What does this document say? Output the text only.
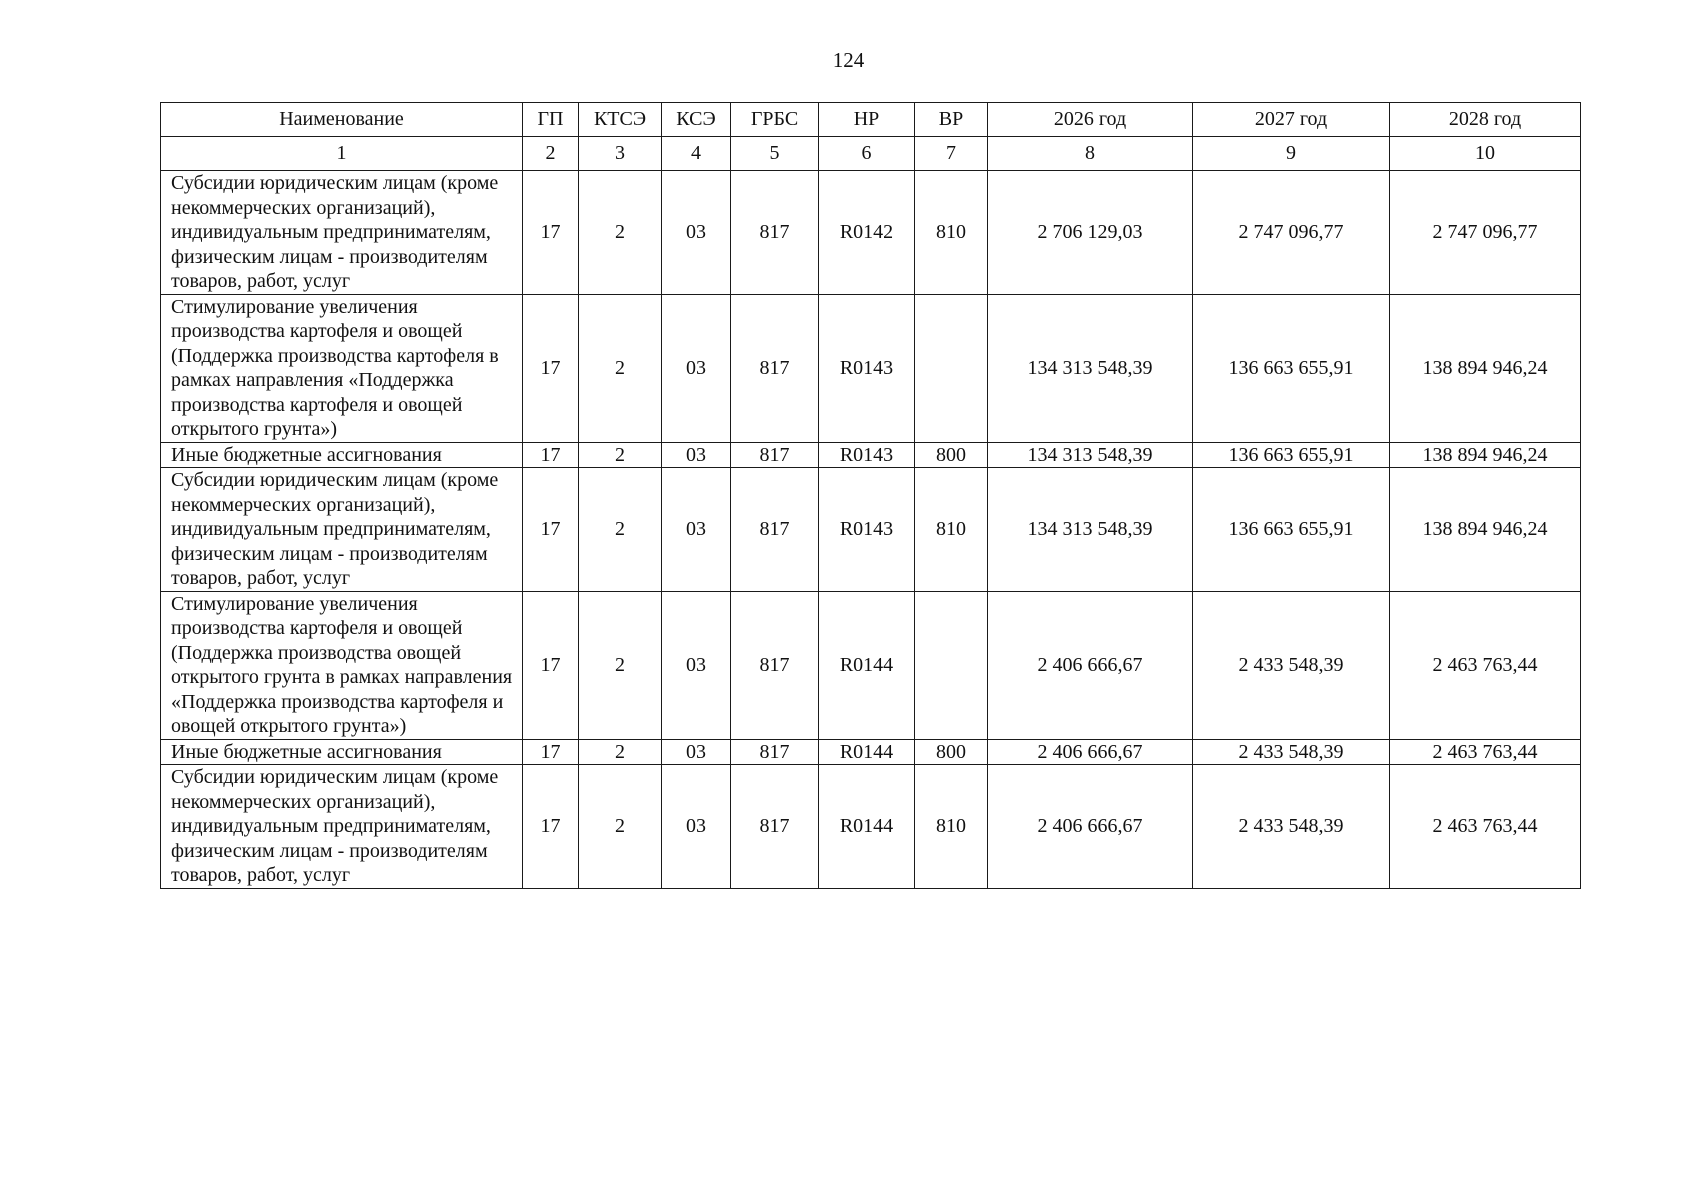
124
Наименование	ГП	КТСЭ	КСЭ	ГРБС	НР	ВР	2026 год	2027 год	2028 год
1	2	3	4	5	6	7	8	9	10
Субсидии юридическим лицам (кроме некоммерческих организаций), индивидуальным предпринимателям, физическим лицам - производителям товаров, работ, услуг	17	2	03	817	R0142	810	2 706 129,03	2 747 096,77	2 747 096,77
Стимулирование увеличения производства картофеля и овощей (Поддержка производства картофеля в рамках направления «Поддержка производства картофеля и овощей открытого грунта»)	17	2	03	817	R0143		134 313 548,39	136 663 655,91	138 894 946,24
Иные бюджетные ассигнования	17	2	03	817	R0143	800	134 313 548,39	136 663 655,91	138 894 946,24
Субсидии юридическим лицам (кроме некоммерческих организаций), индивидуальным предпринимателям, физическим лицам - производителям товаров, работ, услуг	17	2	03	817	R0143	810	134 313 548,39	136 663 655,91	138 894 946,24
Стимулирование увеличения производства картофеля и овощей (Поддержка производства овощей открытого грунта в рамках направления «Поддержка производства картофеля и овощей открытого грунта»)	17	2	03	817	R0144		2 406 666,67	2 433 548,39	2 463 763,44
Иные бюджетные ассигнования	17	2	03	817	R0144	800	2 406 666,67	2 433 548,39	2 463 763,44
Субсидии юридическим лицам (кроме некоммерческих организаций), индивидуальным предпринимателям, физическим лицам - производителям товаров, работ, услуг	17	2	03	817	R0144	810	2 406 666,67	2 433 548,39	2 463 763,44
